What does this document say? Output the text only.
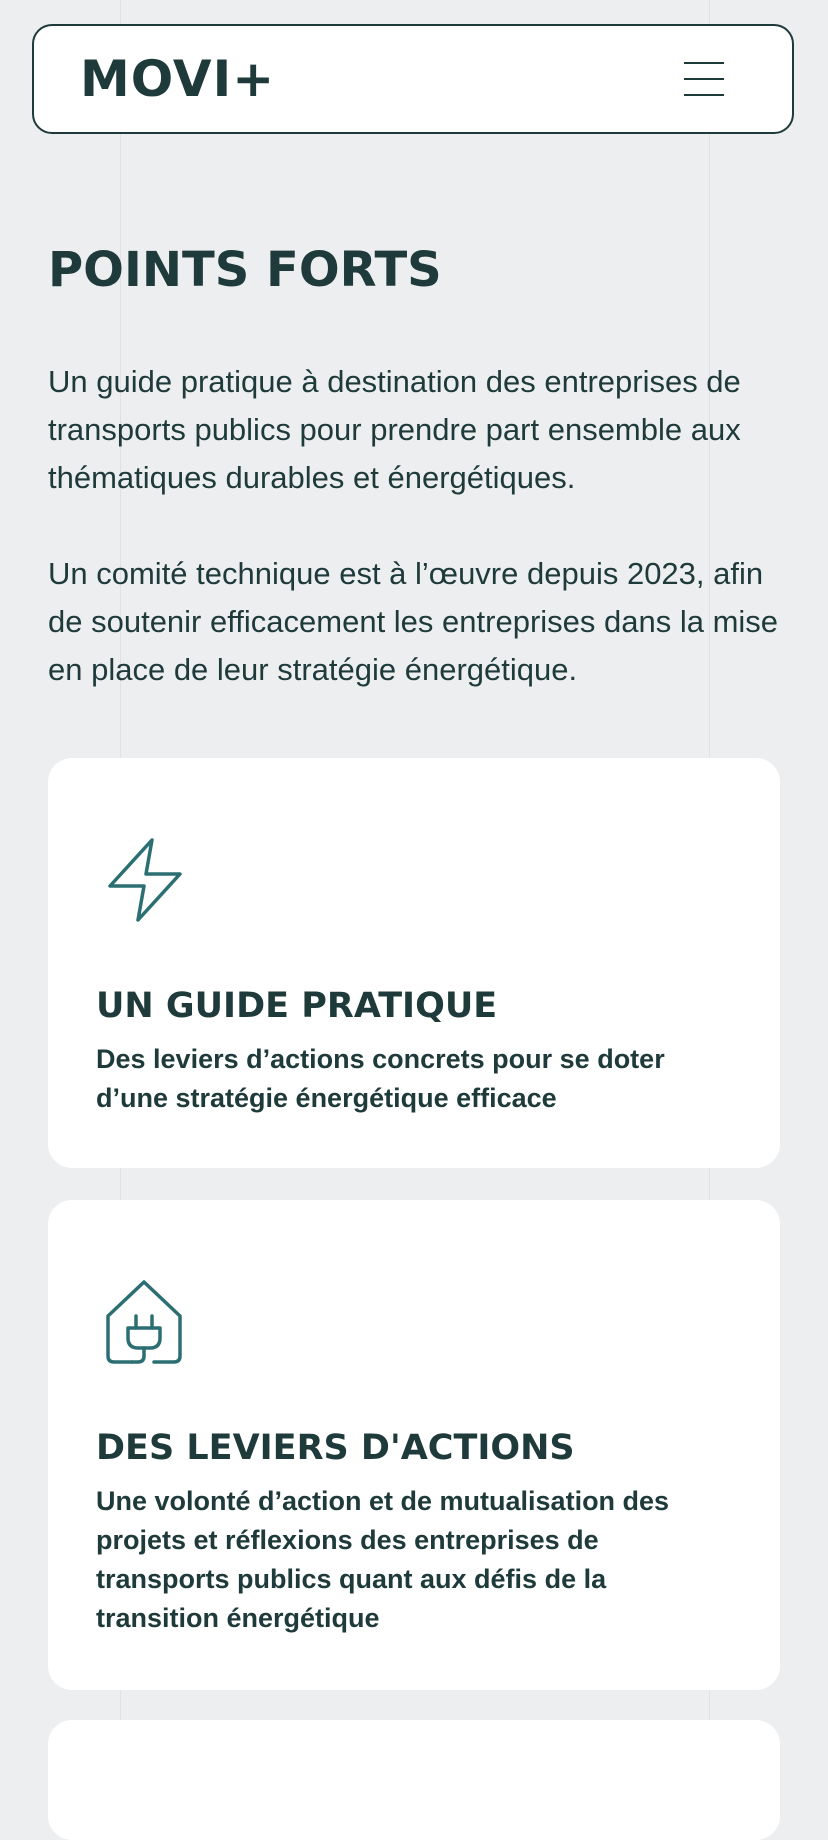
MOVI+
POINTS FORTS

Un guide pratique à destination des entreprises de transports publics pour prendre part ensemble aux thématiques durables et énergétiques.

Un comité technique est à l’œuvre depuis 2023, afin de soutenir efficacement les entreprises dans la mise en place de leur stratégie énergétique.

UN GUIDE PRATIQUE

Des leviers d’actions concrets pour se doter d’une stratégie énergétique efficace

DES LEVIERS D'ACTIONS

Une volonté d’action et de mutualisation des projets et réflexions des entreprises de transports publics quant aux défis de la transition énergétique
